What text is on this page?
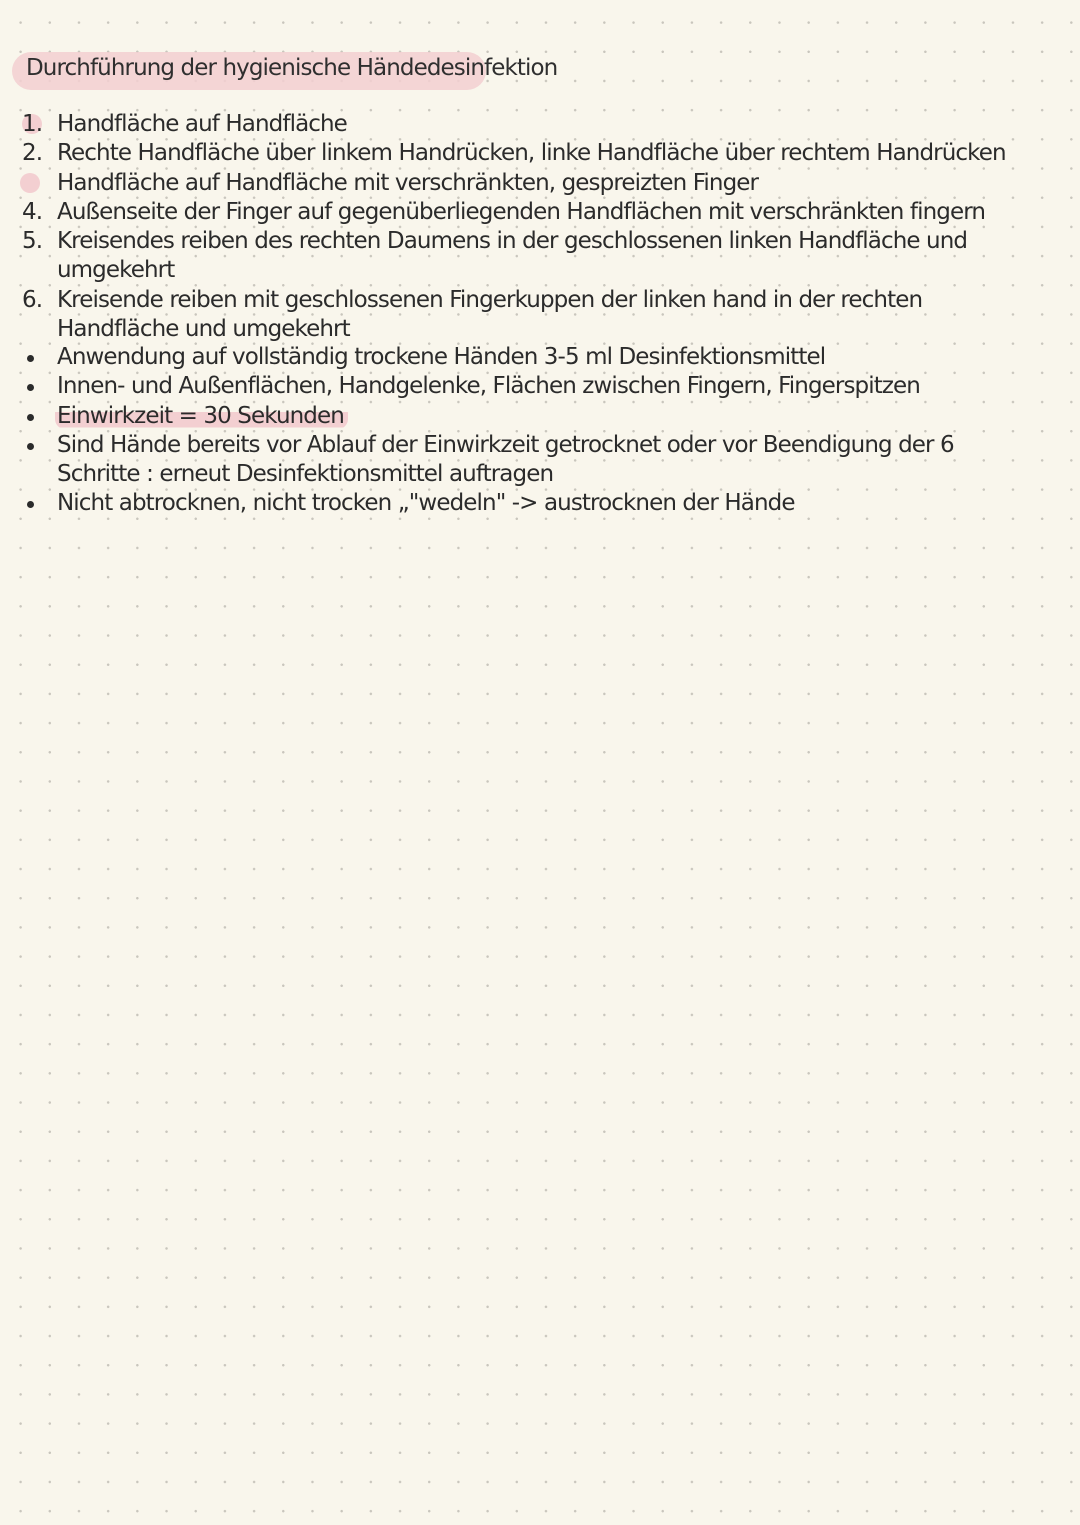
Durchführung der hygienische Händedesinfektion
1. Handfläche auf Handfläche
2. Rechte Handfläche über linkem Handrücken, linke Handfläche über rechtem Handrücken
Handfläche auf Handfläche mit verschränkten, gespreizten Finger
4. Außenseite der Finger auf gegenüberliegenden Handflächen mit verschränkten fingern
5. Kreisendes reiben des rechten Daumens in der geschlossenen linken Handfläche und umgekehrt
6. Kreisende reiben mit geschlossenen Fingerkuppen der linken hand in der rechten Handfläche und umgekehrt
Anwendung auf vollständig trockene Händen 3-5 ml Desinfektionsmittel
Innen- und Außenflächen, Handgelenke, Flächen zwischen Fingern, Fingerspitzen
Einwirkzeit = 30 Sekunden
Sind Hände bereits vor Ablauf der Einwirkzeit getrocknet oder vor Beendigung der 6 Schritte : erneut Desinfektionsmittel auftragen
Nicht abtrocknen, nicht trocken „"wedeln" -> austrocknen der Hände
